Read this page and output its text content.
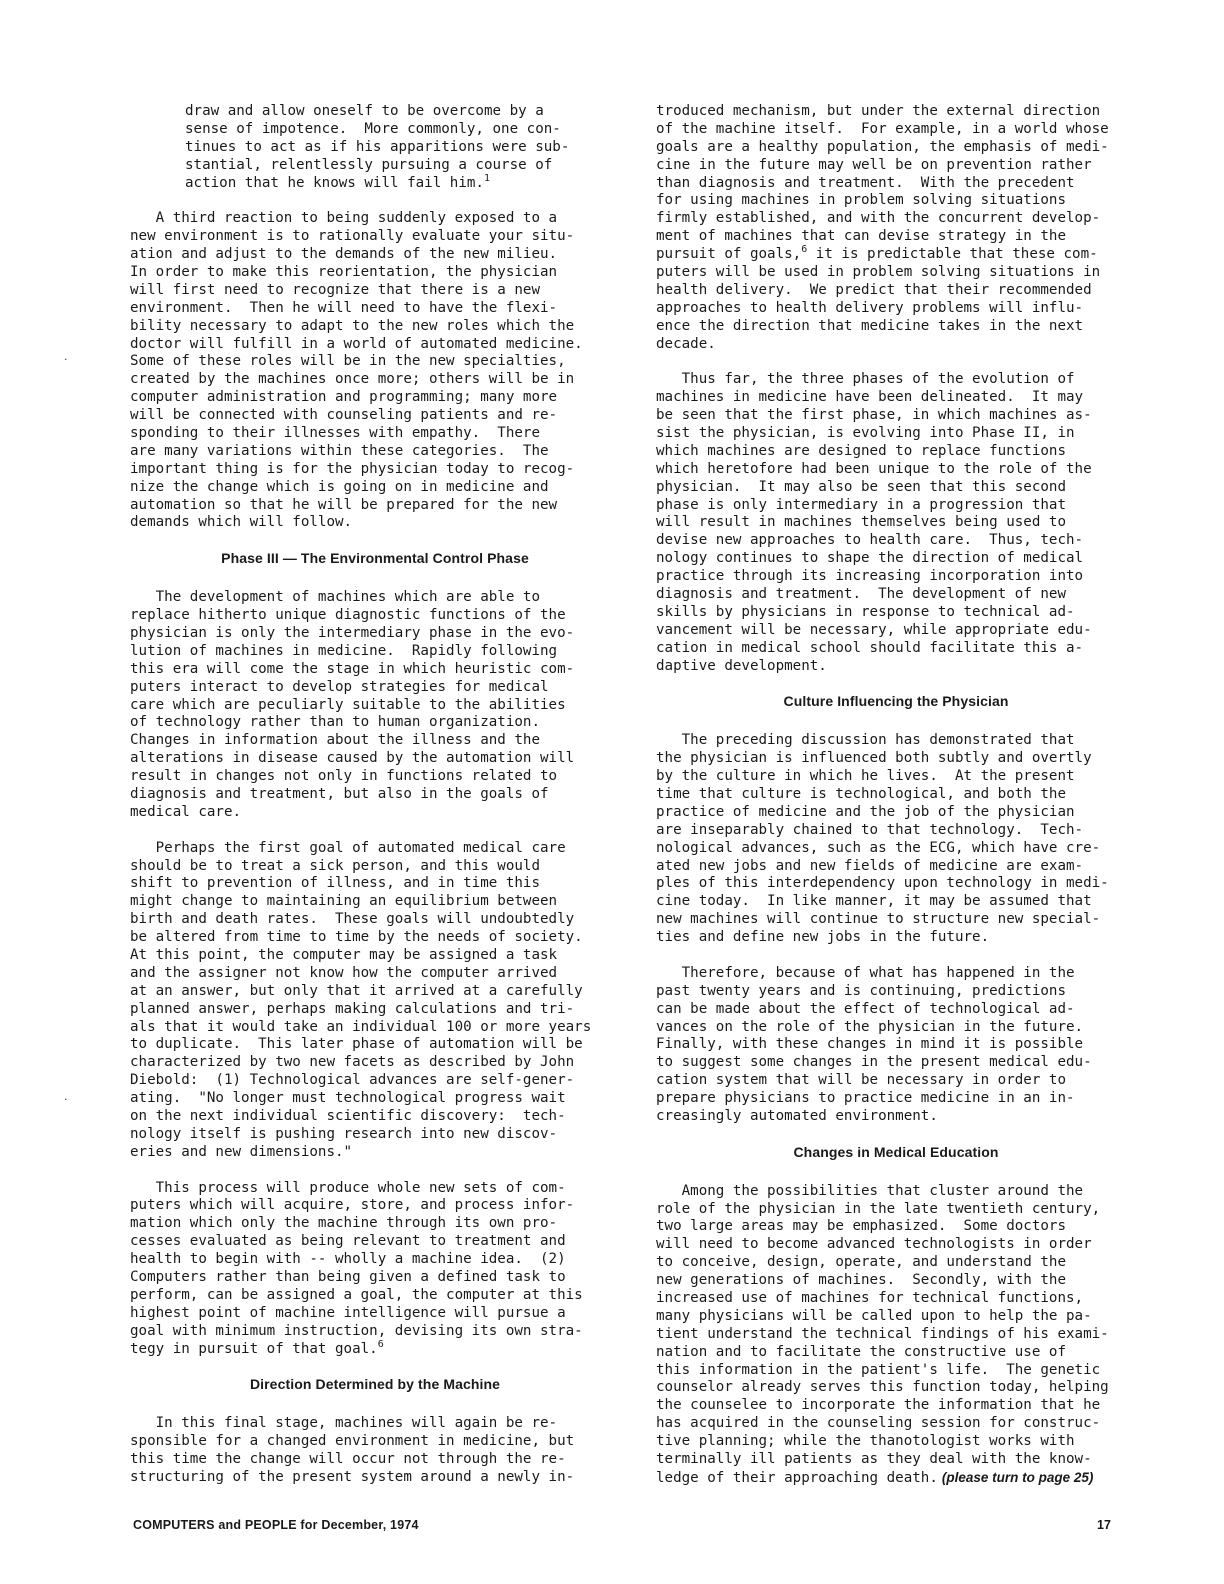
draw and allow oneself to be overcome by a
sense of impotence.  More commonly, one con-
tinues to act as if his apparitions were sub-
stantial, relentlessly pursuing a course of
action that he knows will fail him.$^1$
A third reaction to being suddenly exposed to a
new environment is to rationally evaluate your situ-
ation and adjust to the demands of the new milieu.
In order to make this reorientation, the physician
will first need to recognize that there is a new
environment.  Then he will need to have the flexi-
bility necessary to adapt to the new roles which the
doctor will fulfill in a world of automated medicine.
Some of these roles will be in the new specialties,
created by the machines once more; others will be in
computer administration and programming; many more
will be connected with counseling patients and re-
sponding to their illnesses with empathy.  There
are many variations within these categories.  The
important thing is for the physician today to recog-
nize the change which is going on in medicine and
automation so that he will be prepared for the new
demands which will follow.
Phase III — The Environmental Control Phase
The development of machines which are able to
replace hitherto unique diagnostic functions of the
physician is only the intermediary phase in the evo-
lution of machines in medicine.  Rapidly following
this era will come the stage in which heuristic com-
puters interact to develop strategies for medical
care which are peculiarly suitable to the abilities
of technology rather than to human organization.
Changes in information about the illness and the
alterations in disease caused by the automation will
result in changes not only in functions related to
diagnosis and treatment, but also in the goals of
medical care.
Perhaps the first goal of automated medical care
should be to treat a sick person, and this would
shift to prevention of illness, and in time this
might change to maintaining an equilibrium between
birth and death rates.  These goals will undoubtedly
be altered from time to time by the needs of society.
At this point, the computer may be assigned a task
and the assigner not know how the computer arrived
at an answer, but only that it arrived at a carefully
planned answer, perhaps making calculations and tri-
als that it would take an individual 100 or more years
to duplicate.  This later phase of automation will be
characterized by two new facets as described by John
Diebold:  (1) Technological advances are self-gener-
ating.  "No longer must technological progress wait
on the next individual scientific discovery:  tech-
nology itself is pushing research into new discov-
eries and new dimensions."
This process will produce whole new sets of com-
puters which will acquire, store, and process infor-
mation which only the machine through its own pro-
cesses evaluated as being relevant to treatment and
health to begin with -- wholly a machine idea.  (2)
Computers rather than being given a defined task to
perform, can be assigned a goal, the computer at this
highest point of machine intelligence will pursue a
goal with minimum instruction, devising its own stra-
tegy in pursuit of that goal.$^6$
Direction Determined by the Machine
In this final stage, machines will again be re-
sponsible for a changed environment in medicine, but
this time the change will occur not through the re-
structuring of the present system around a newly in-
troduced mechanism, but under the external direction
of the machine itself.  For example, in a world whose
goals are a healthy population, the emphasis of medi-
cine in the future may well be on prevention rather
than diagnosis and treatment.  With the precedent
for using machines in problem solving situations
firmly established, and with the concurrent develop-
ment of machines that can devise strategy in the
pursuit of goals,$^6$ it is predictable that these com-
puters will be used in problem solving situations in
health delivery.  We predict that their recommended
approaches to health delivery problems will influ-
ence the direction that medicine takes in the next
decade.
Thus far, the three phases of the evolution of
machines in medicine have been delineated.  It may
be seen that the first phase, in which machines as-
sist the physician, is evolving into Phase II, in
which machines are designed to replace functions
which heretofore had been unique to the role of the
physician.  It may also be seen that this second
phase is only intermediary in a progression that
will result in machines themselves being used to
devise new approaches to health care.  Thus, tech-
nology continues to shape the direction of medical
practice through its increasing incorporation into
diagnosis and treatment.  The development of new
skills by physicians in response to technical ad-
vancement will be necessary, while appropriate edu-
cation in medical school should facilitate this a-
daptive development.
Culture Influencing the Physician
The preceding discussion has demonstrated that
the physician is influenced both subtly and overtly
by the culture in which he lives.  At the present
time that culture is technological, and both the
practice of medicine and the job of the physician
are inseparably chained to that technology.  Tech-
nological advances, such as the ECG, which have cre-
ated new jobs and new fields of medicine are exam-
ples of this interdependency upon technology in medi-
cine today.  In like manner, it may be assumed that
new machines will continue to structure new special-
ties and define new jobs in the future.
Therefore, because of what has happened in the
past twenty years and is continuing, predictions
can be made about the effect of technological ad-
vances on the role of the physician in the future.
Finally, with these changes in mind it is possible
to suggest some changes in the present medical edu-
cation system that will be necessary in order to
prepare physicians to practice medicine in an in-
creasingly automated environment.
Changes in Medical Education
Among the possibilities that cluster around the
role of the physician in the late twentieth century,
two large areas may be emphasized.  Some doctors
will need to become advanced technologists in order
to conceive, design, operate, and understand the
new generations of machines.  Secondly, with the
increased use of machines for technical functions,
many physicians will be called upon to help the pa-
tient understand the technical findings of his exami-
nation and to facilitate the constructive use of
this information in the patient's life.  The genetic
counselor already serves this function today, helping
the counselee to incorporate the information that he
has acquired in the counseling session for construc-
tive planning; while the thanotologist works with
terminally ill patients as they deal with the know-
ledge of their approaching death. (please turn to page 25)
.
.
COMPUTERS and PEOPLE for December, 1974	17
